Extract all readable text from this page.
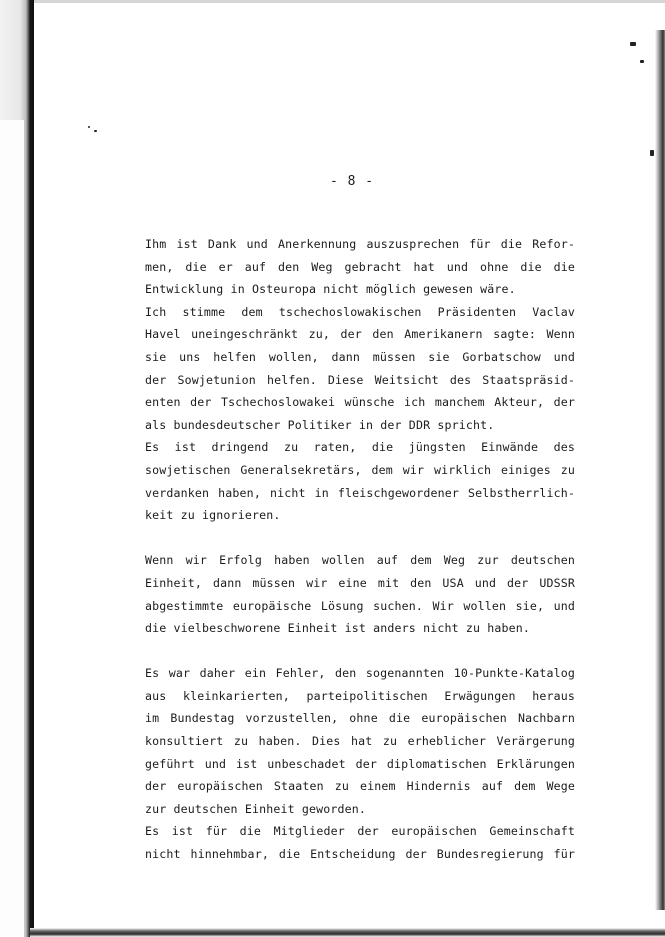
- 8 -
Ihm ist Dank und Anerkennung auszusprechen für die Refor-
men, die er auf den Weg gebracht hat und ohne die die
Entwicklung in Osteuropa nicht möglich gewesen wäre.
Ich stimme dem tschechoslowakischen Präsidenten Vaclav
Havel uneingeschränkt zu, der den Amerikanern sagte: Wenn
sie uns helfen wollen, dann müssen sie Gorbatschow und
der Sowjetunion helfen. Diese Weitsicht des Staatspräsid-
enten der Tschechoslowakei wünsche ich manchem Akteur, der
als bundesdeutscher Politiker in der DDR spricht.
Es ist dringend zu raten, die jüngsten Einwände des
sowjetischen Generalsekretärs, dem wir wirklich einiges zu
verdanken haben, nicht in fleischgewordener Selbstherrlich-
keit zu ignorieren.
Wenn wir Erfolg haben wollen auf dem Weg zur deutschen
Einheit, dann müssen wir eine mit den USA und der UDSSR
abgestimmte europäische Lösung suchen. Wir wollen sie, und
die vielbeschworene Einheit ist anders nicht zu haben.
Es war daher ein Fehler, den sogenannten 10-Punkte-Katalog
aus kleinkarierten, parteipolitischen Erwägungen heraus
im Bundestag vorzustellen, ohne die europäischen Nachbarn
konsultiert zu haben. Dies hat zu erheblicher Verärgerung
geführt und ist unbeschadet der diplomatischen Erklärungen
der europäischen Staaten zu einem Hindernis auf dem Wege
zur deutschen Einheit geworden.
Es ist für die Mitglieder der europäischen Gemeinschaft
nicht hinnehmbar, die Entscheidung der Bundesregierung für
